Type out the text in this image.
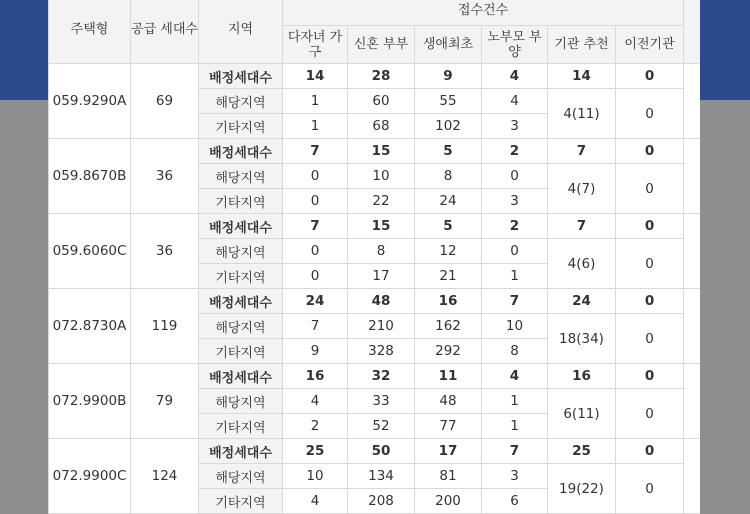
주택형	공급 세대수	지역	접수건수						
			다자녀 가구	신혼 부부	생애최초	노부모 부양	기관 추천	이전기관	
059.9290A	69	배정세대수	14	28	9	4	14	0	
		해당지역	1	60	55	4	4(11)	0	
		기타지역	1	68	102	3			
059.8670B	36	배정세대수	7	15	5	2	7	0	
		해당지역	0	10	8	0	4(7)	0	
		기타지역	0	22	24	3			
059.6060C	36	배정세대수	7	15	5	2	7	0	
		해당지역	0	8	12	0	4(6)	0	
		기타지역	0	17	21	1			
072.8730A	119	배정세대수	24	48	16	7	24	0	
		해당지역	7	210	162	10	18(34)	0	
		기타지역	9	328	292	8			
072.9900B	79	배정세대수	16	32	11	4	16	0	
		해당지역	4	33	48	1	6(11)	0	
		기타지역	2	52	77	1			
072.9900C	124	배정세대수	25	50	17	7	25	0	
		해당지역	10	134	81	3	19(22)	0	
		기타지역	4	208	200	6			
